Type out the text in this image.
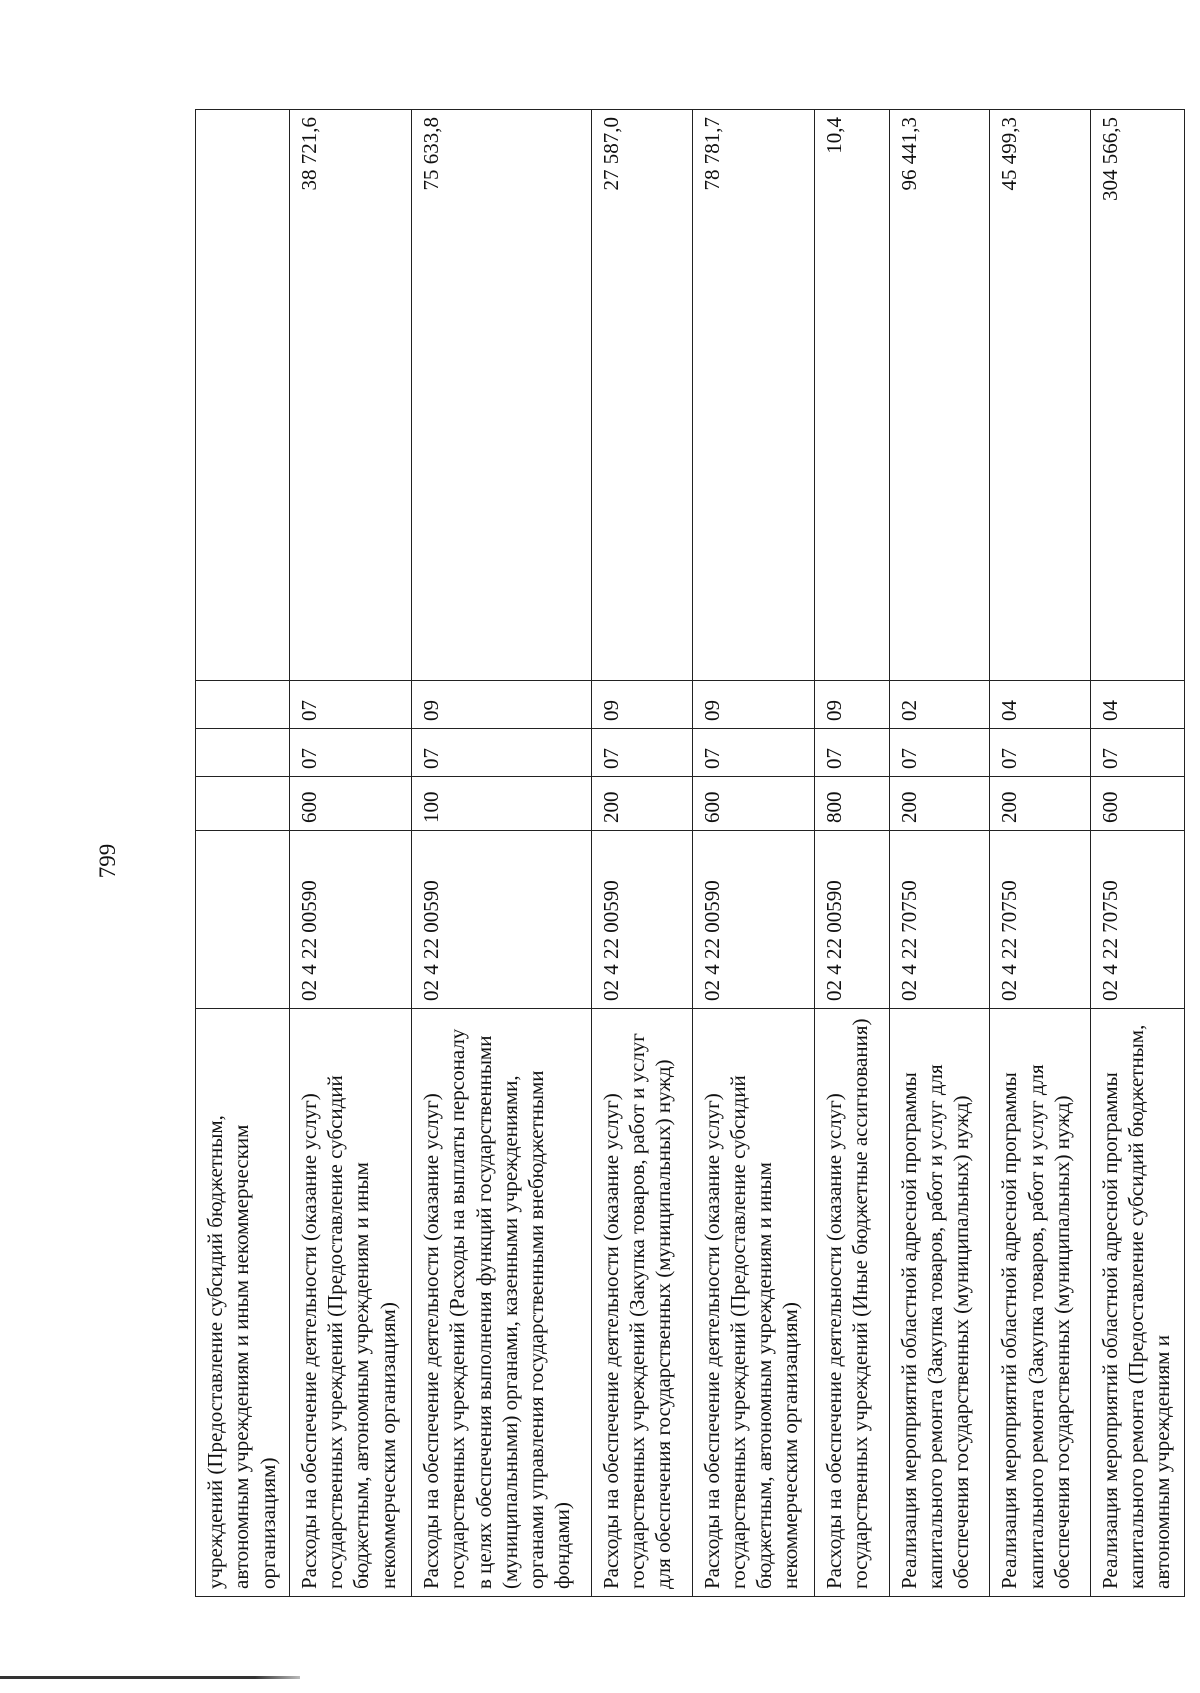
799
учреждений (Предоставление субсидий бюджетным, автономным учреждениям и иным некоммерческим организациям)					
Расходы на обеспечение деятельности (оказание услуг) государственных учреждений (Предоставление субсидий бюджетным, автономным учреждениям и иным некоммерческим организациям)	02 4 22 00590	600	07	07	38 721,6
Расходы на обеспечение деятельности (оказание услуг) государственных учреждений (Расходы на выплаты персоналу в целях обеспечения выполнения функций государственными (муниципальными) органами, казенными учреждениями, органами управления государственными внебюджетными фондами)	02 4 22 00590	100	07	09	75 633,8
Расходы на обеспечение деятельности (оказание услуг) государственных учреждений (Закупка товаров, работ и услуг для обеспечения государственных (муниципальных) нужд)	02 4 22 00590	200	07	09	27 587,0
Расходы на обеспечение деятельности (оказание услуг) государственных учреждений (Предоставление субсидий бюджетным, автономным учреждениям и иным некоммерческим организациям)	02 4 22 00590	600	07	09	78 781,7
Расходы на обеспечение деятельности (оказание услуг) государственных учреждений (Иные бюджетные ассигнования)	02 4 22 00590	800	07	09	10,4
Реализация мероприятий областной адресной программы капитального ремонта (Закупка товаров, работ и услуг для обеспечения государственных (муниципальных) нужд)	02 4 22 70750	200	07	02	96 441,3
Реализация мероприятий областной адресной программы капитального ремонта (Закупка товаров, работ и услуг для обеспечения государственных (муниципальных) нужд)	02 4 22 70750	200	07	04	45 499,3
Реализация мероприятий областной адресной программы капитального ремонта (Предоставление субсидий бюджетным, автономным учреждениям и	02 4 22 70750	600	07	04	304 566,5
